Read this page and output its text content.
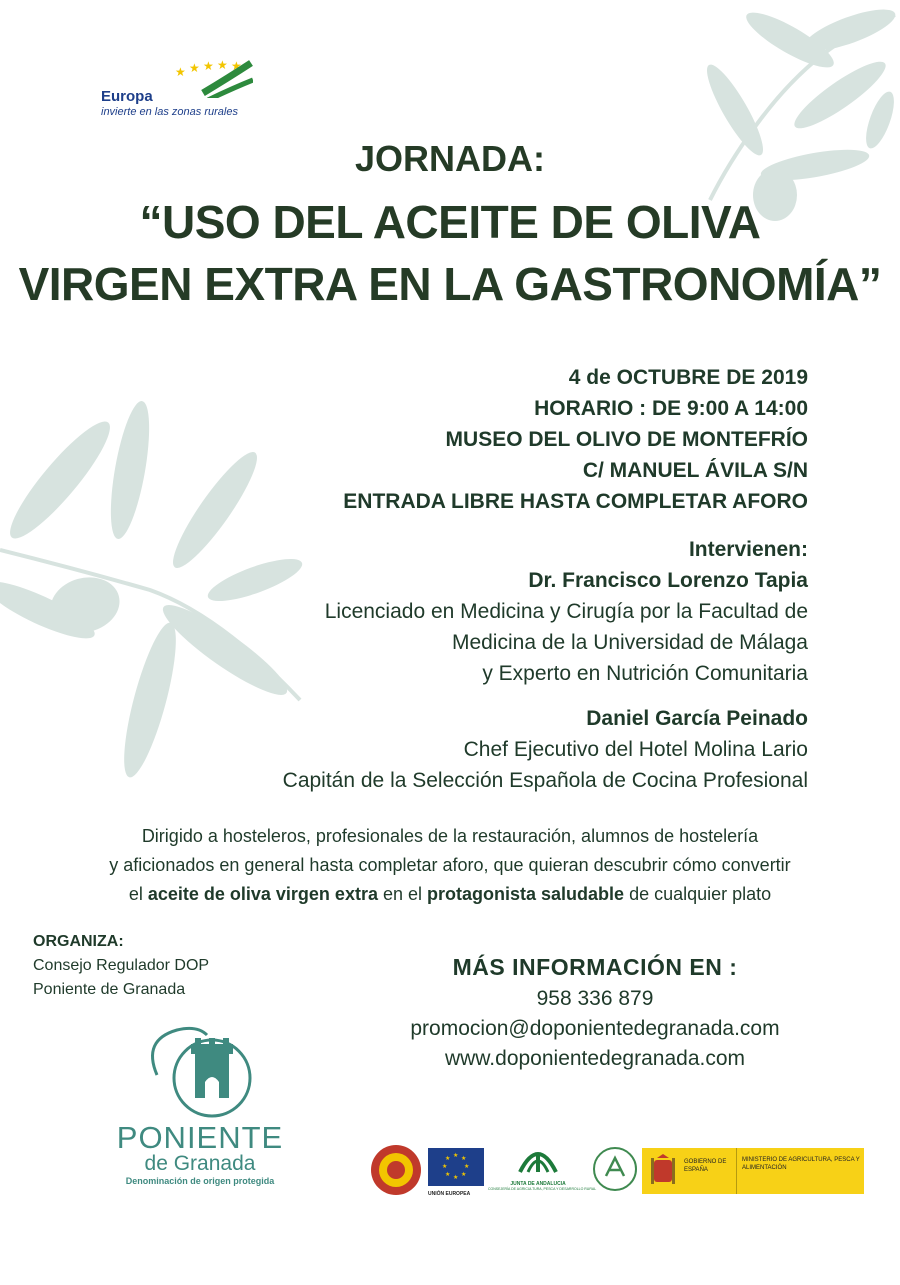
★ ★ ★ ★ ★
Europa
invierte en las zonas rurales
JORNADA:
“USO DEL ACEITE DE OLIVA
VIRGEN EXTRA EN LA GASTRONOMÍA”
4 de OCTUBRE DE 2019
HORARIO : DE 9:00 A 14:00
MUSEO DEL OLIVO DE MONTEFRÍO
C/ MANUEL ÁVILA S/N
ENTRADA LIBRE HASTA COMPLETAR AFORO
Intervienen:
Dr. Francisco Lorenzo Tapia
Licenciado en Medicina y Cirugía por la Facultad de
Medicina de la Universidad de Málaga
y Experto en Nutrición Comunitaria
Daniel García Peinado
Chef Ejecutivo del Hotel Molina Lario
Capitán de la Selección Española de Cocina Profesional
Dirigido a hosteleros, profesionales de la restauración, alumnos de hostelería
y aficionados en general hasta completar aforo, que quieran descubrir cómo convertir
el aceite de oliva virgen extra en el protagonista saludable de cualquier plato
ORGANIZA:
Consejo Regulador DOP
Poniente de Granada
MÁS INFORMACIÓN EN :
958 336 879
promocion@doponientedegranada.com
www.doponientedegranada.com
PONIENTE
de Granada
Denominación de origen protegida
★ ★
★
★
★
★
★
★
UNIÓN EUROPEA
JUNTA DE ANDALUCIA
CONSEJERÍA DE AGRICULTURA, PESCA Y DESARROLLO RURAL
GOBIERNO DE ESPAÑA
MINISTERIO DE AGRICULTURA, PESCA Y ALIMENTACIÓN
